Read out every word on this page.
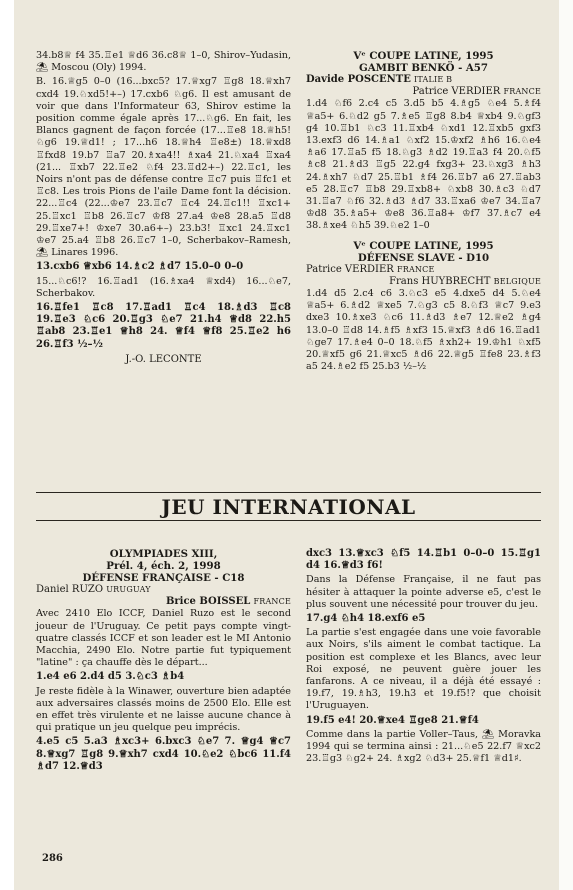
34.b8♕ f4 35.♖e1 ♕d6 36.c8♕ 1–0, Shirov–Yudasin, ⛱ Moscou (Oly) 1994.

B. 16.♕g5 0–0 (16...bxc5? 17.♕xg7 ♖g8 18.♕xh7 cxd4 19.♘xd5!+–) 17.cxb6 ♘g6. Il est amusant de voir que dans l'Informateur 63, Shirov estime la position comme égale après 17...♘g6. En fait, les Blancs gagnent de façon forcée (17...♖e8 18.♕h5! ♘g6 19.♕d1! ; 17...h6 18.♕h4 ♖e8±) 18.♕xd8 ♖fxd8 19.b7 ♖a7 20.♗xa4!! ♗xa4 21.♘xa4 ♖xa4 (21... ♖xb7 22.♖e2 ♘f4 23.♖d2+–) 22.♖c1, les Noirs n'ont pas de défense contre ♖c7 puis ♖fc1 et ♖c8. Les trois Pions de l'aile Dame font la décision. 22...♖c4 (22...♔e7 23.♖c7 ♖c4 24.♖c1!! ♖xc1+ 25.♖xc1 ♖b8 26.♖c7 ♔f8 27.a4 ♔e8 28.a5 ♖d8 29.♖xe7+! ♔xe7 30.a6+–) 23.b3! ♖xc1 24.♖xc1 ♔e7 25.a4 ♖b8 26.♖c7 1–0, Scherbakov–Ramesh, ⛱ Linares 1996.

13.cxb6 ♕xb6 14.♗c2 ♗d7 15.0–0 0–0

15...♘c6!? 16.♖ad1 (16.♗xa4 ♕xd4) 16...♘e7, Scherbakov.

16.♖fe1 ♖c8 17.♖ad1 ♖c4 18.♗d3 ♖c8 19.♖e3 ♘c6 20.♖g3 ♘e7 21.h4 ♕d8 22.h5 ♖ab8 23.♖e1 ♕h8 24. ♕f4 ♕f8 25.♖e2 h6 26.♖f3 ½–½

J.-O. LECONTE
Vᵉ COUPE LATINE, 1995
GAMBIT BENKÖ - A57
Davide POSCENTE ITALIE B
Patrice VERDIER FRANCE

1.d4 ♘f6 2.c4 c5 3.d5 b5 4.♗g5 ♘e4 5.♗f4 ♕a5+ 6.♘d2 g5 7.♗e5 ♖g8 8.b4 ♕xb4 9.♘gf3 g4 10.♖b1 ♘c3 11.♖xb4 ♘xd1 12.♖xb5 gxf3 13.exf3 d6 14.♗a1 ♘xf2 15.♔xf2 ♗h6 16.♘e4 ♗a6 17.♖a5 f5 18.♘g3 ♗d2 19.♖a3 f4 20.♘f5 ♗c8 21.♗d3 ♖g5 22.g4 fxg3+ 23.♘xg3 ♗h3 24.♗xh7 ♘d7 25.♖b1 ♗f4 26.♖b7 a6 27.♖ab3 e5 28.♖c7 ♖b8 29.♖xb8+ ♘xb8 30.♗c3 ♘d7 31.♖a7 ♘f6 32.♗d3 ♗d7 33.♖xa6 ♔e7 34.♖a7 ♔d8 35.♗a5+ ♔e8 36.♖a8+ ♔f7 37.♗c7 e4 38.♗xe4 ♘h5 39.♘e2 1–0

Vᵉ COUPE LATINE, 1995
DÉFENSE SLAVE - D10
Patrice VERDIER FRANCE
Frans HUYBRECHT BELGIQUE

1.d4 d5 2.c4 c6 3.♘c3 e5 4.dxe5 d4 5.♘e4 ♕a5+ 6.♗d2 ♕xe5 7.♘g3 c5 8.♘f3 ♕c7 9.e3 dxe3 10.♗xe3 ♘c6 11.♗d3 ♗e7 12.♕e2 ♗g4 13.0–0 ♖d8 14.♗f5 ♗xf3 15.♕xf3 ♗d6 16.♖ad1 ♘ge7 17.♗e4 0–0 18.♘f5 ♗xh2+ 19.♔h1 ♘xf5 20.♕xf5 g6 21.♕xc5 ♗d6 22.♕g5 ♖fe8 23.♗f3 a5 24.♗e2 f5 25.b3 ½–½

JEU INTERNATIONAL
OLYMPIADES XIII,
Prél. 4, éch. 2, 1998
DÉFENSE FRANÇAISE - C18
Daniel RUZO URUGUAY
Brice BOISSEL FRANCE

Avec 2410 Elo ICCF, Daniel Ruzo est le second joueur de l'Uruguay. Ce petit pays compte vingt-quatre classés ICCF et son leader est le MI Antonio Macchia, 2490 Elo. Notre partie fut typiquement "latine" : ça chauffe dès le départ...

1.e4 e6 2.d4 d5 3.♘c3 ♗b4

Je reste fidèle à la Winawer, ouverture bien adaptée aux adversaires classés moins de 2500 Elo. Elle est en effet très virulente et ne laisse aucune chance à qui pratique un jeu quelque peu imprécis.

4.e5 c5 5.a3 ♗xc3+ 6.bxc3 ♘e7 7. ♕g4 ♕c7 8.♕xg7 ♖g8 9.♕xh7 cxd4 10.♘e2 ♘bc6 11.f4 ♗d7 12.♕d3

dxc3 13.♕xc3 ♘f5 14.♖b1 0–0–0 15.♖g1 d4 16.♕d3 f6!

Dans la Défense Française, il ne faut pas hésiter à attaquer la pointe adverse e5, c'est le plus souvent une nécessité pour trouver du jeu.

17.g4 ♘h4 18.exf6 e5

La partie s'est engagée dans une voie favorable aux Noirs, s'ils aiment le combat tactique. La position est complexe et les Blancs, avec leur Roi exposé, ne peuvent guère jouer les fanfarons. A ce niveau, il a déjà été essayé : 19.f7, 19.♗h3, 19.h3 et 19.f5!? que choisit l'Uruguayen.

19.f5 e4! 20.♕xe4 ♖ge8 21.♕f4

Comme dans la partie Voller–Taus, ⛱ Moravka 1994 qui se termina ainsi : 21...♘e5 22.f7 ♕xc2 23.♖g3 ♘g2+ 24. ♗xg2 ♘d3+ 25.♕f1 ♕d1♯.

286
